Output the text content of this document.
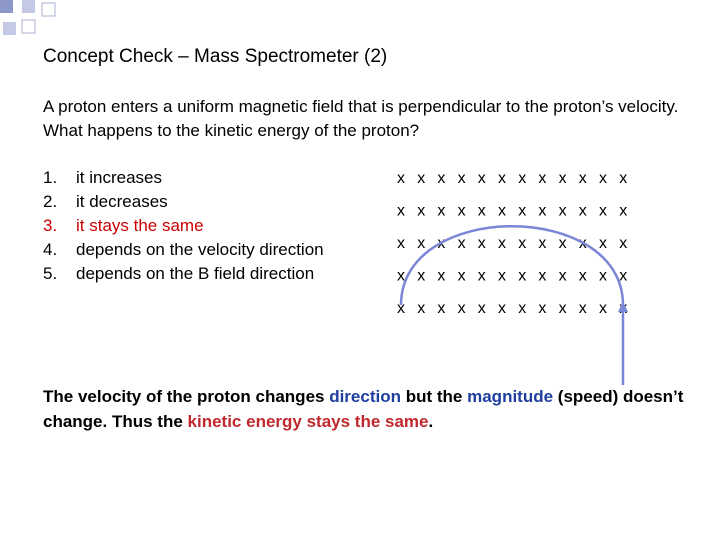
Concept Check – Mass Spectrometer (2)
A proton enters a uniform magnetic field that is perpendicular to the proton’s velocity. What happens to the kinetic energy of the proton?
1.	it increases
2.	it decreases
3.	it stays the same
4.	depends on the velocity direction
5.	depends on the B field direction
x x x x x x x x x x x x
x x x x x x x x x x x x
x x x x x x x x x x x x
x x x x x x x x x x x x
x x x x x x x x x x x
The velocity of the proton changes direction but the magnitude (speed) doesn’t change. Thus the kinetic energy stays the same.
